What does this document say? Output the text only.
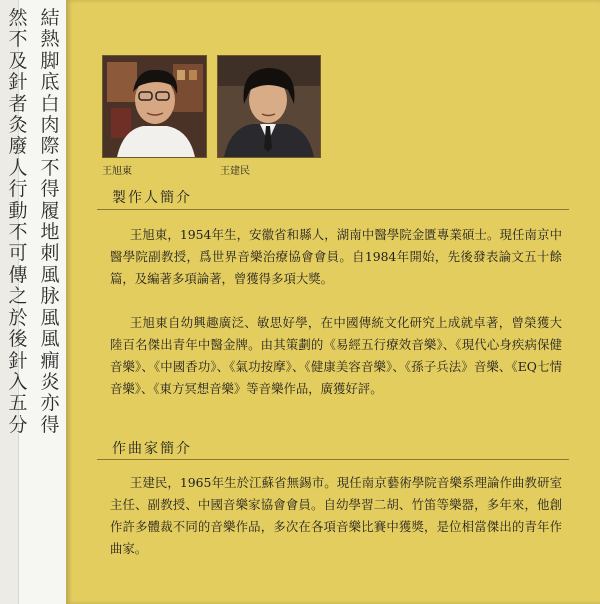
然不及針者灸廢人行動不可傳之於後針入五分
結熱脚底白肉際不得履地刺風脉風風癇炎亦得
王旭東	王建民
製作人簡介

王旭東，1954年生，安徽省和縣人，湖南中醫學院金匱專業碩士。現任南京中醫學院副教授，爲世界音樂治療協會會員。自1984年開始，先後發表論文五十餘篇，及編著多項論著，曾獲得多項大獎。

王旭東自幼興趣廣泛、敏思好學，在中國傳統文化研究上成就卓著，曾榮獲大陸百名傑出青年中醫金牌。由其策劃的《易經五行療效音樂》、《現代心身疾病保健音樂》、《中國香功》、《氣功按摩》、《健康美容音樂》、《孫子兵法》音樂、《EQ七情音樂》、《東方冥想音樂》等音樂作品，廣獲好評。

作曲家簡介

王建民，1965年生於江蘇省無錫市。現任南京藝術學院音樂系理論作曲教研室主任、副教授、中國音樂家協會會員。自幼學習二胡、竹笛等樂器，多年來，他創作許多體裁不同的音樂作品，多次在各項音樂比賽中獲獎，是位相當傑出的青年作曲家。
